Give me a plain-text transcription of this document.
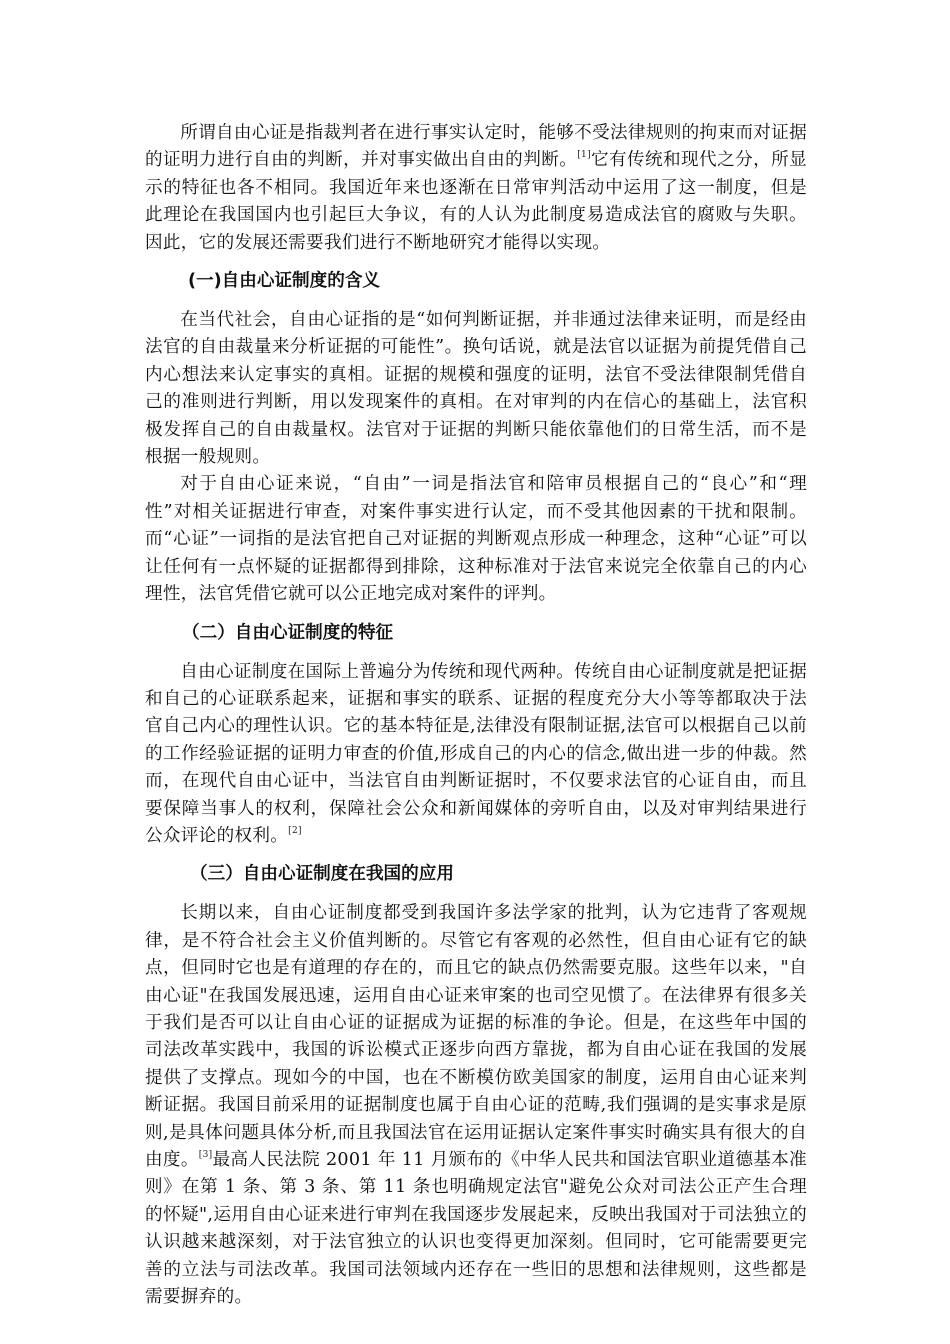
所谓自由心证是指裁判者在进行事实认定时，能够不受法律规则的拘束而对证据的证明力进行自由的判断，并对事实做出自由的判断。[1]它有传统和现代之分，所显示的特征也各不相同。我国近年来也逐渐在日常审判活动中运用了这一制度，但是此理论在我国国内也引起巨大争议，有的人认为此制度易造成法官的腐败与失职。因此，它的发展还需要我们进行不断地研究才能得以实现。

(一)自由心证制度的含义

在当代社会，自由心证指的是“如何判断证据，并非通过法律来证明，而是经由法官的自由裁量来分析证据的可能性”。换句话说，就是法官以证据为前提凭借自己内心想法来认定事实的真相。证据的规模和强度的证明，法官不受法律限制凭借自己的准则进行判断，用以发现案件的真相。在对审判的内在信心的基础上，法官积极发挥自己的自由裁量权。法官对于证据的判断只能依靠他们的日常生活，而不是根据一般规则。

对于自由心证来说，“自由”一词是指法官和陪审员根据自己的“良心”和“理性”对相关证据进行审查，对案件事实进行认定，而不受其他因素的干扰和限制。而“心证”一词指的是法官把自己对证据的判断观点形成一种理念，这种“心证”可以让任何有一点怀疑的证据都得到排除，这种标准对于法官来说完全依靠自己的内心理性，法官凭借它就可以公正地完成对案件的评判。

（二）自由心证制度的特征

自由心证制度在国际上普遍分为传统和现代两种。传统自由心证制度就是把证据和自己的心证联系起来，证据和事实的联系、证据的程度充分大小等等都取决于法官自己内心的理性认识。它的基本特征是,法律没有限制证据,法官可以根据自己以前的工作经验证据的证明力审查的价值,形成自己的内心的信念,做出进一步的仲裁。然而，在现代自由心证中，当法官自由判断证据时，不仅要求法官的心证自由，而且要保障当事人的权利，保障社会公众和新闻媒体的旁听自由，以及对审判结果进行公众评论的权利。[2]

（三）自由心证制度在我国的应用

长期以来，自由心证制度都受到我国许多法学家的批判，认为它违背了客观规律，是不符合社会主义价值判断的。尽管它有客观的必然性，但自由心证有它的缺点，但同时它也是有道理的存在的，而且它的缺点仍然需要克服。这些年以来，"自由心证"在我国发展迅速，运用自由心证来审案的也司空见惯了。在法律界有很多关于我们是否可以让自由心证的证据成为证据的标准的争论。但是，在这些年中国的司法改革实践中，我国的诉讼模式正逐步向西方靠拢，都为自由心证在我国的发展提供了支撑点。现如今的中国，也在不断模仿欧美国家的制度，运用自由心证来判断证据。我国目前采用的证据制度也属于自由心证的范畴,我们强调的是实事求是原则,是具体问题具体分析,而且我国法官在运用证据认定案件事实时确实具有很大的自由度。[3]最高人民法院 2001 年 11 月颁布的《中华人民共和国法官职业道德基本准则》在第 1 条、第 3 条、第 11 条也明确规定法官"避免公众对司法公正产生合理的怀疑",运用自由心证来进行审判在我国逐步发展起来，反映出我国对于司法独立的认识越来越深刻，对于法官独立的认识也变得更加深刻。但同时，它可能需要更完善的立法与司法改革。我国司法领域内还存在一些旧的思想和法律规则，这些都是需要摒弃的。
